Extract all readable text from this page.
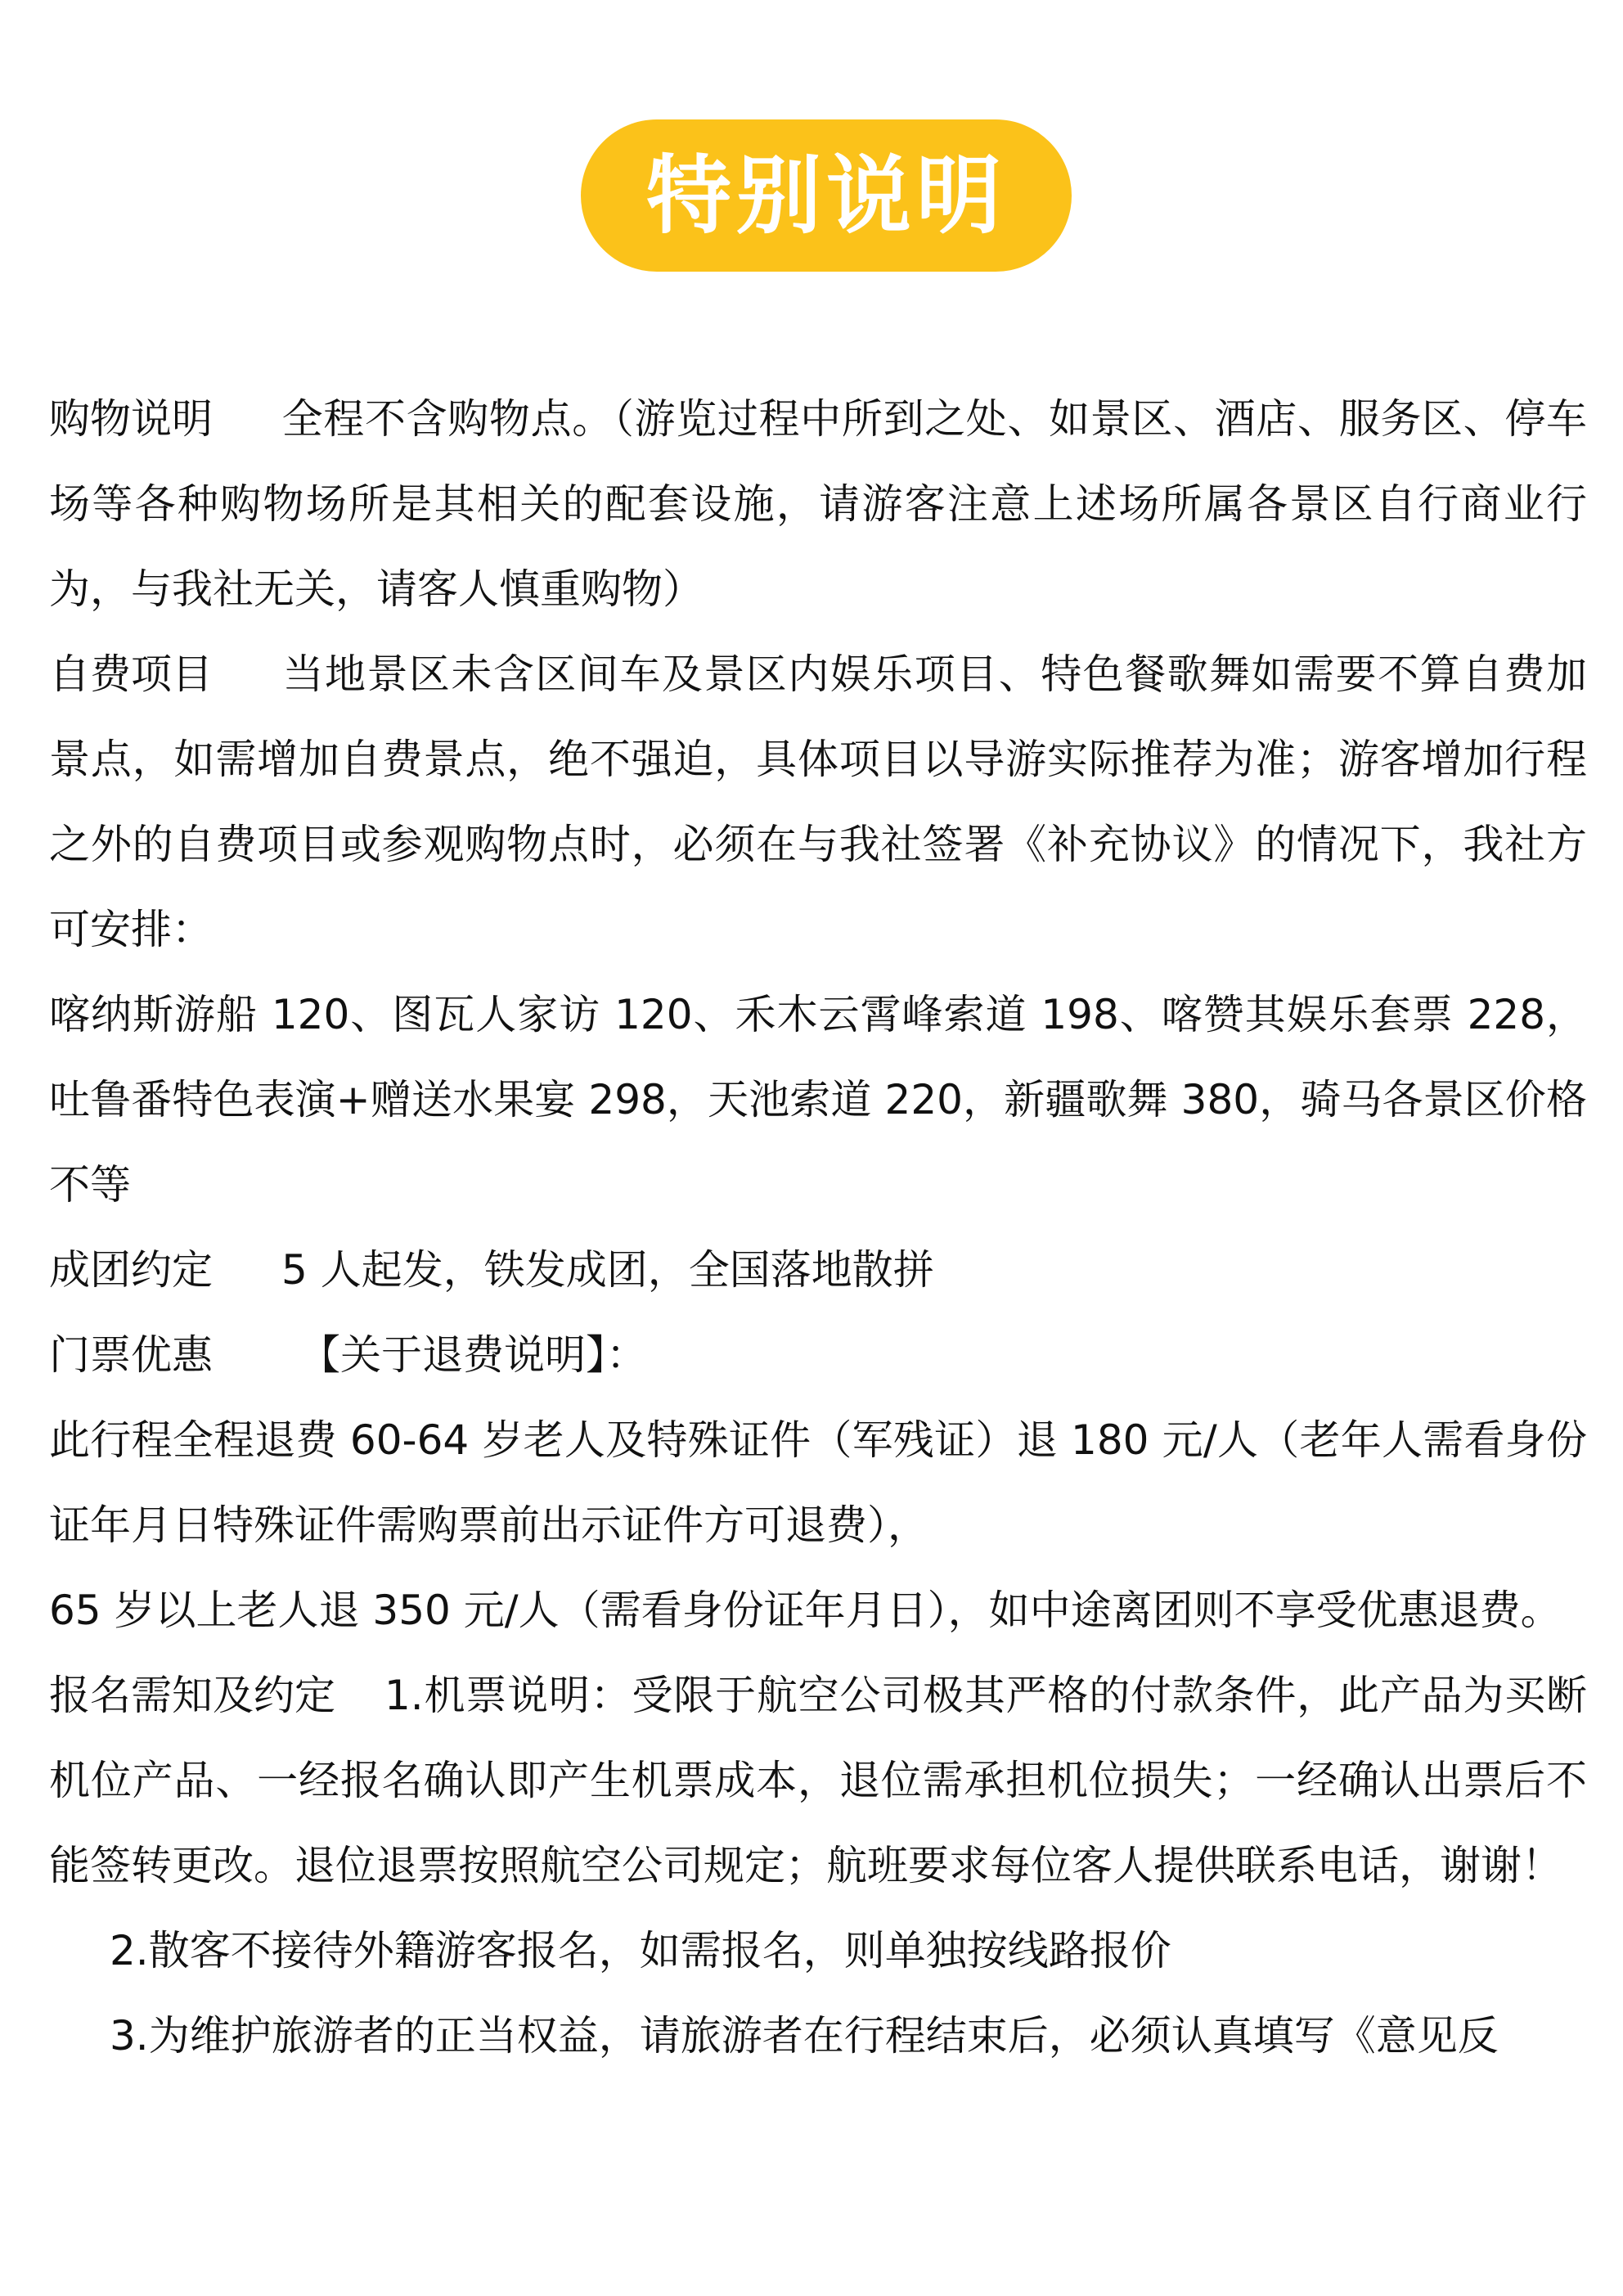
特别说明

购物说明 全程不含购物点。（游览过程中所到之处、如景区、酒店、服务区、停车场等各种购物场所是其相关的配套设施，请游客注意上述场所属各景区自行商业行为，与我社无关，请客人慎重购物）

自费项目 当地景区未含区间车及景区内娱乐项目、特色餐歌舞如需要不算自费加景点，如需增加自费景点，绝不强迫，具体项目以导游实际推荐为准；游客增加行程之外的自费项目或参观购物点时，必须在与我社签署《补充协议》的情况下，我社方可安排：

喀纳斯游船 120、图瓦人家访 120、禾木云霄峰索道 198、喀赞其娱乐套票 228，吐鲁番特色表演+赠送水果宴 298，天池索道 220，新疆歌舞 380，骑马各景区价格不等

成团约定 5 人起发，铁发成团，全国落地散拼

门票优惠 【关于退费说明】：

此行程全程退费 60-64 岁老人及特殊证件（军残证）退 180 元/人（老年人需看身份证年月日特殊证件需购票前出示证件方可退费），

65 岁以上老人退 350 元/人（需看身份证年月日），如中途离团则不享受优惠退费。

报名需知及约定 1.机票说明：受限于航空公司极其严格的付款条件，此产品为买断机位产品、一经报名确认即产生机票成本，退位需承担机位损失；一经确认出票后不能签转更改。退位退票按照航空公司规定；航班要求每位客人提供联系电话，谢谢！

2.散客不接待外籍游客报名，如需报名，则单独按线路报价

3.为维护旅游者的正当权益，请旅游者在行程结束后，必须认真填写《意见反
